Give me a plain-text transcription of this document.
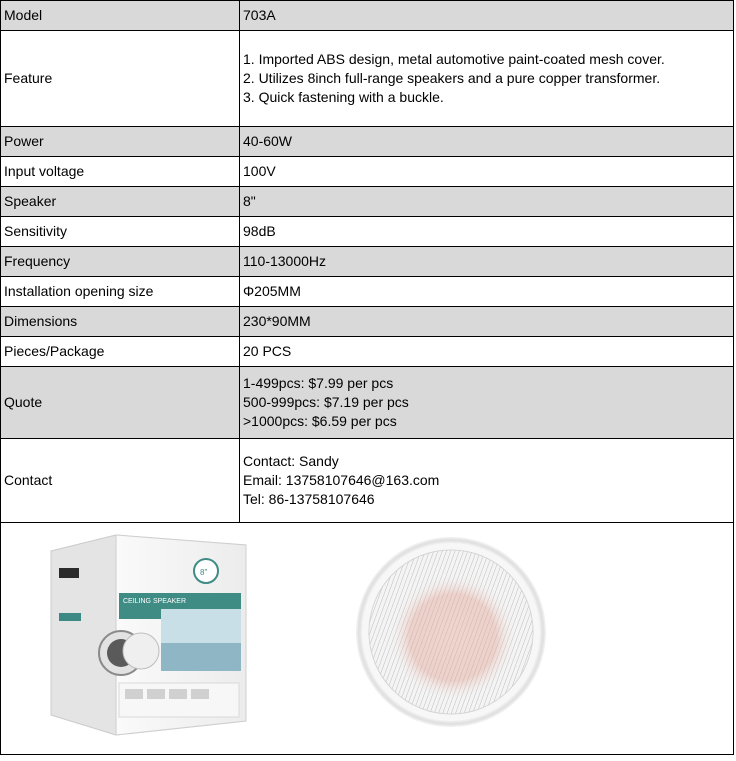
Model	703A
Feature	1. Imported ABS design, metal automotive paint-coated mesh cover.
2. Utilizes 8inch full-range speakers and a pure copper transformer.
3. Quick fastening with a buckle.

Power	40-60W
Input voltage	100V
Speaker	8"
Sensitivity	98dB
Frequency	110-13000Hz
Installation opening size	Φ205MM
Dimensions	230*90MM
Pieces/Package	20 PCS
Quote	1-499pcs: $7.99 per pcs
500-999pcs: $7.19 per pcs
>1000pcs: $6.59 per pcs

Contact	Contact: Sandy
Email: 13758107646@163.com
Tel: 86-13758107646

CEILING SPEAKER
8"	
